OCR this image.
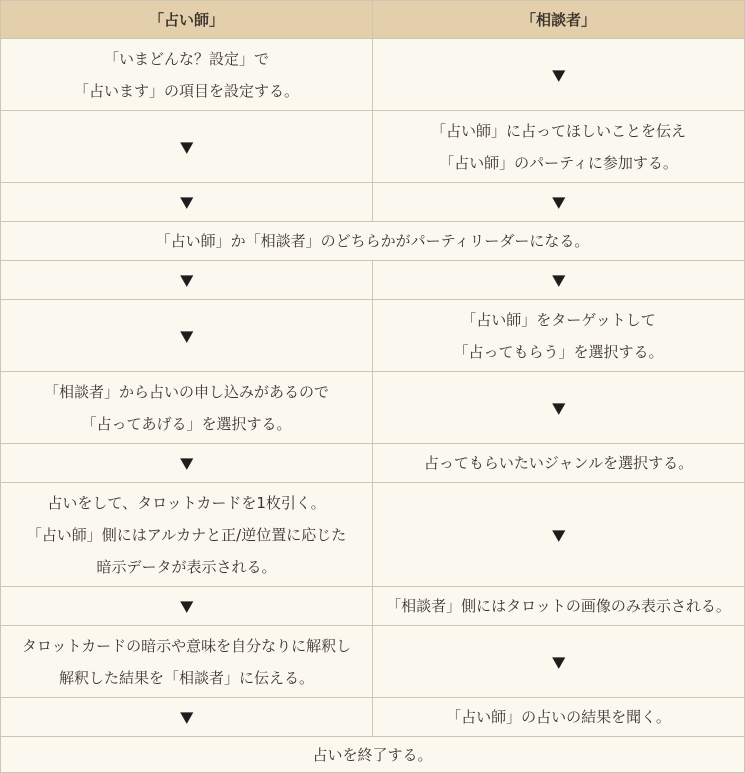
「占い師」	「相談者」

「いまどんな？設定」で
「占います」の項目を設定する。	▼
▼	「占い師」に占ってほしいことを伝え
「占い師」のパーティに参加する。

▼	▼

「占い師」か「相談者」のどちらかがパーティリーダーになる。	

▼	▼
▼	「占い師」をターゲットして
「占ってもらう」を選択する。

「相談者」から占いの申し込みがあるので
「占ってあげる」を選択する。	▼
▼	占ってもらいたいジャンルを選択する。

占いをして、タロットカードを1枚引く。
「占い師」側にはアルカナと正/逆位置に応じた
暗示データが表示される。	▼
▼	「相談者」側にはタロットの画像のみ表示される。

タロットカードの暗示や意味を自分なりに解釈し
解釈した結果を「相談者」に伝える。	▼
▼	「占い師」の占いの結果を聞く。

占いを終了する。	
